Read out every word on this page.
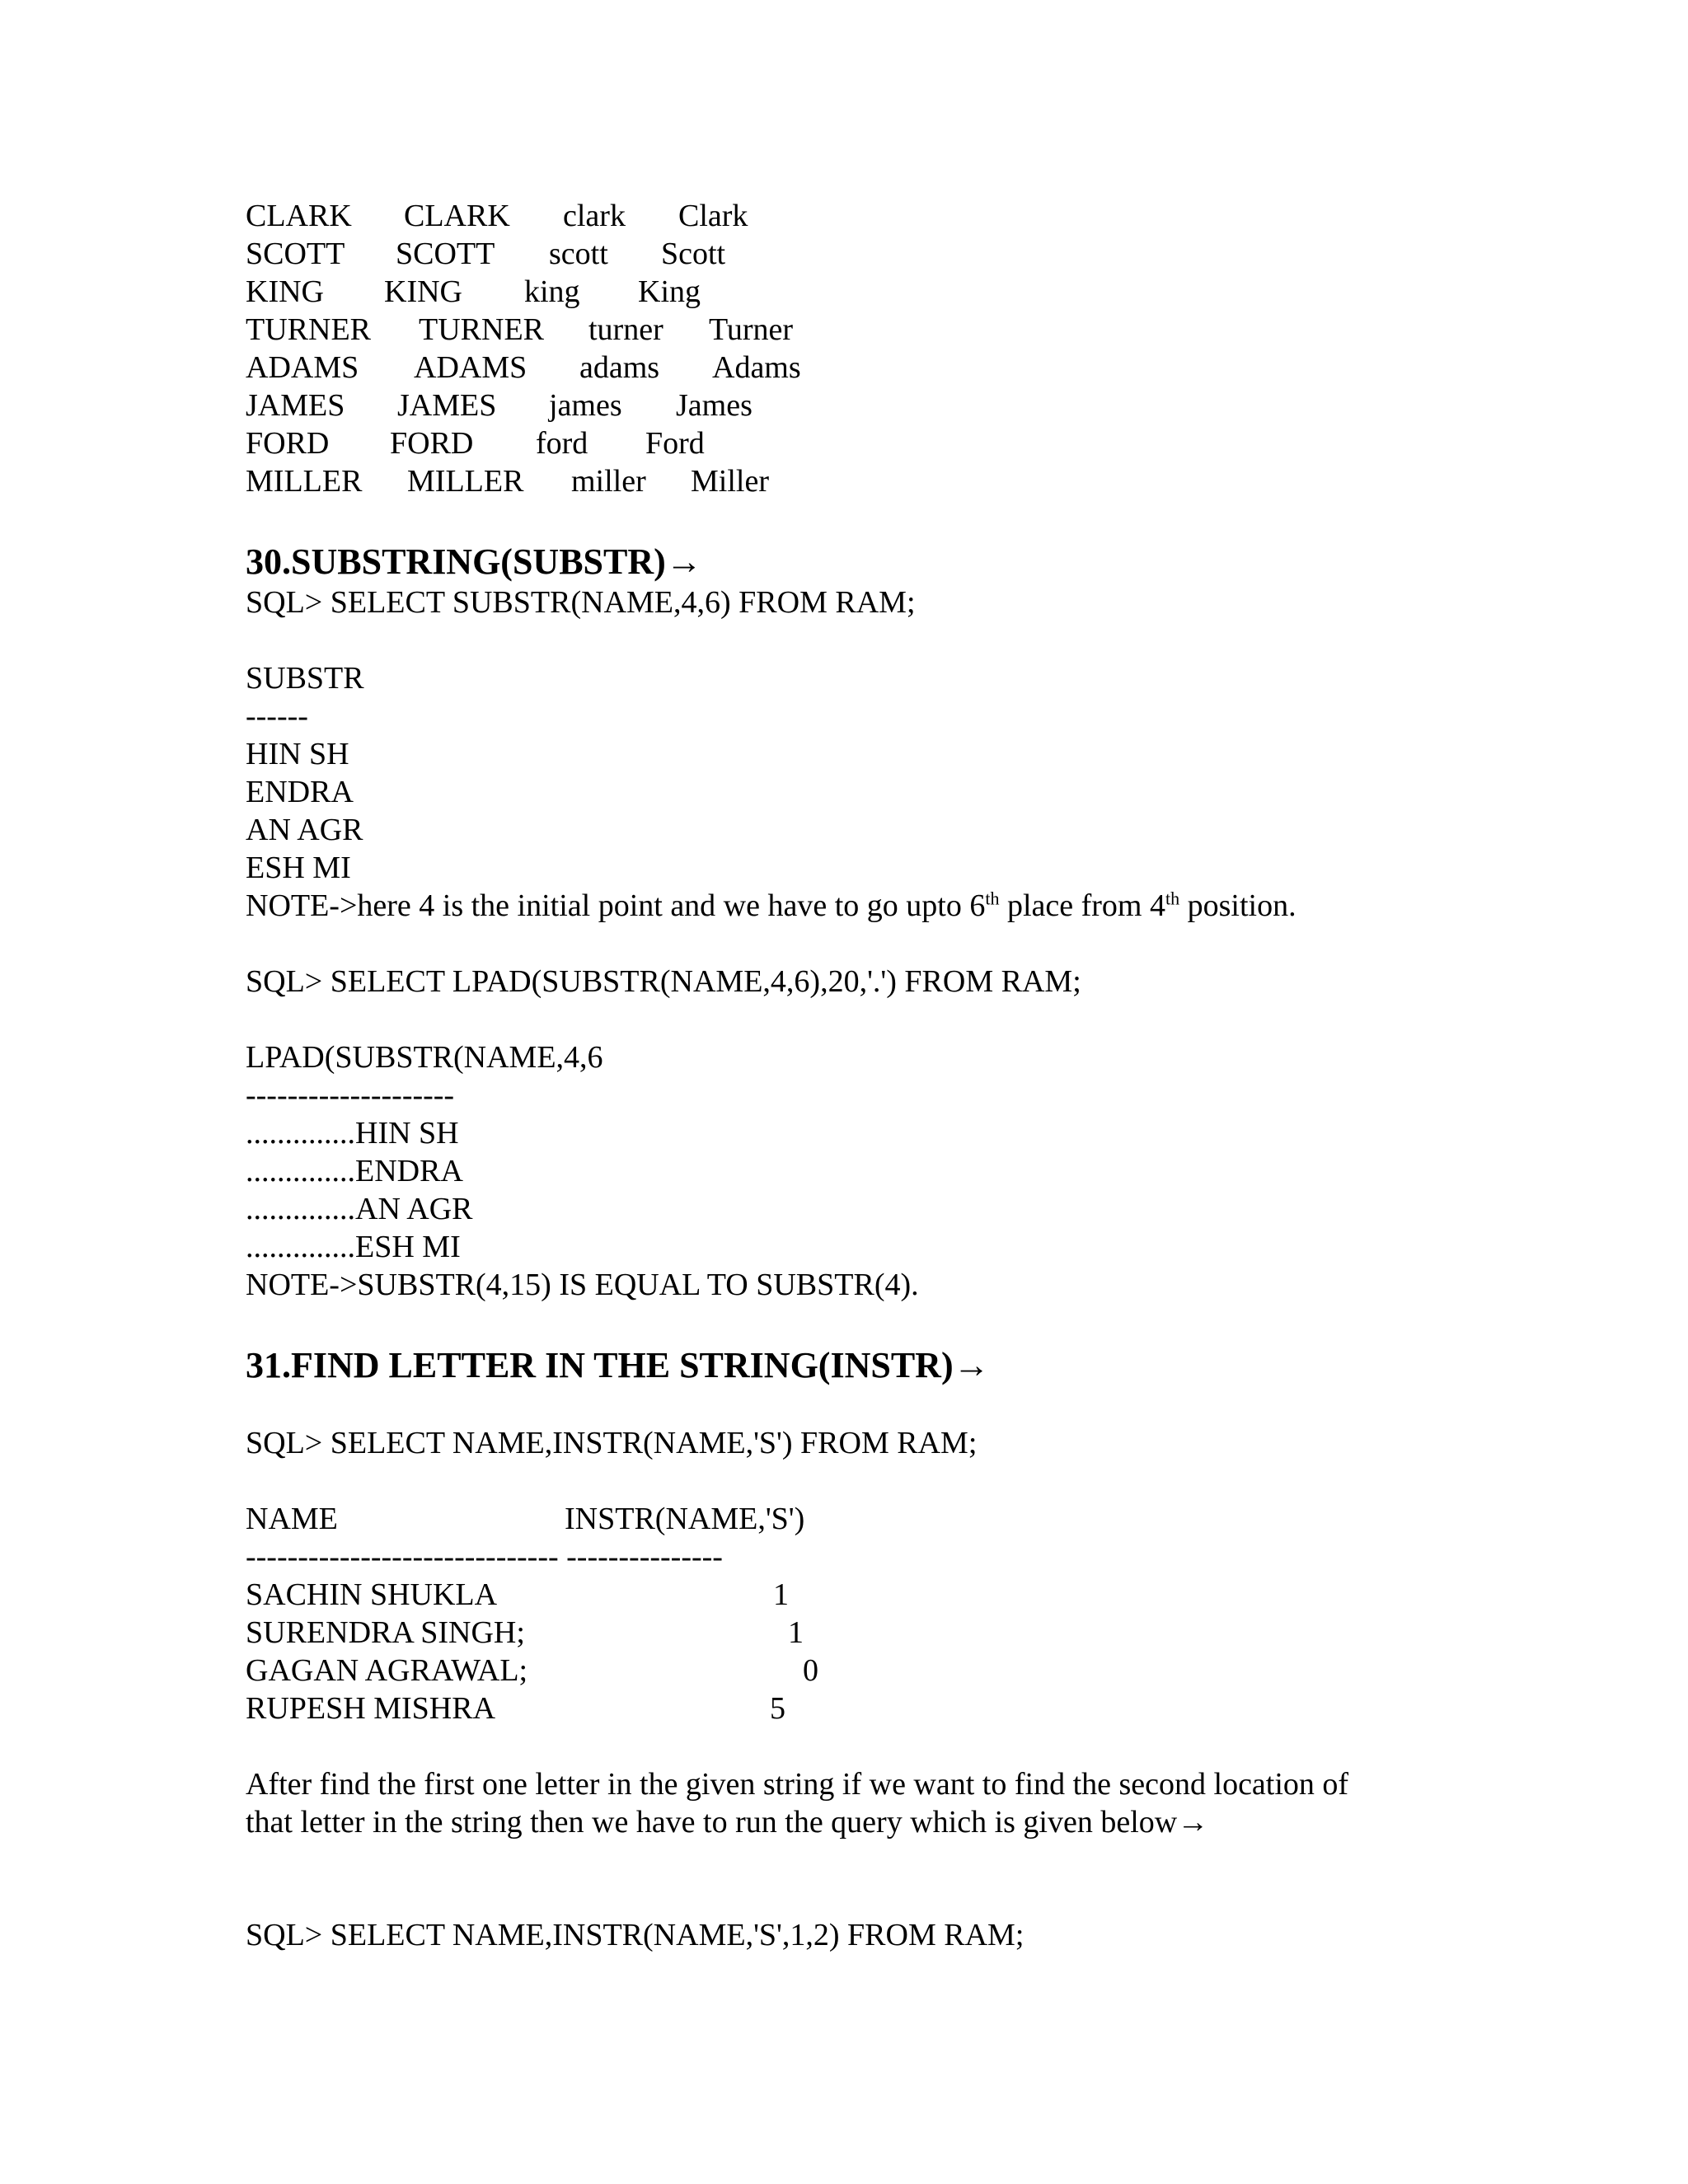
CLARK CLARK clark Clark
SCOTT SCOTT scott Scott
KING KING king King
TURNER TURNER turner Turner
ADAMS ADAMS adams Adams
JAMES JAMES james James
FORD FORD ford Ford
MILLER MILLER miller Miller
30.SUBSTRING(SUBSTR)→
SQL> SELECT SUBSTR(NAME,4,6) FROM RAM;
SUBSTR
------
HIN SH
ENDRA
AN AGR
ESH MI
NOTE->here 4 is the initial point and we have to go upto 6th place from 4th position.
SQL> SELECT LPAD(SUBSTR(NAME,4,6),20,'.') FROM RAM;
LPAD(SUBSTR(NAME,4,6
--------------------
..............HIN SH
..............ENDRA
..............AN AGR
..............ESH MI
NOTE->SUBSTR(4,15) IS EQUAL TO SUBSTR(4).
31.FIND LETTER IN THE STRING(INSTR)→
SQL> SELECT NAME,INSTR(NAME,'S') FROM RAM;
NAME	INSTR(NAME,'S')
------------------------------ ---------------
SACHIN SHUKLA	1
SURENDRA SINGH;	1
GAGAN AGRAWAL;	0
RUPESH MISHRA	5
After find the first one letter in the given string if we want to find the second location of
that letter in the string then we have to run the query which is given below→
SQL> SELECT NAME,INSTR(NAME,'S',1,2) FROM RAM;
